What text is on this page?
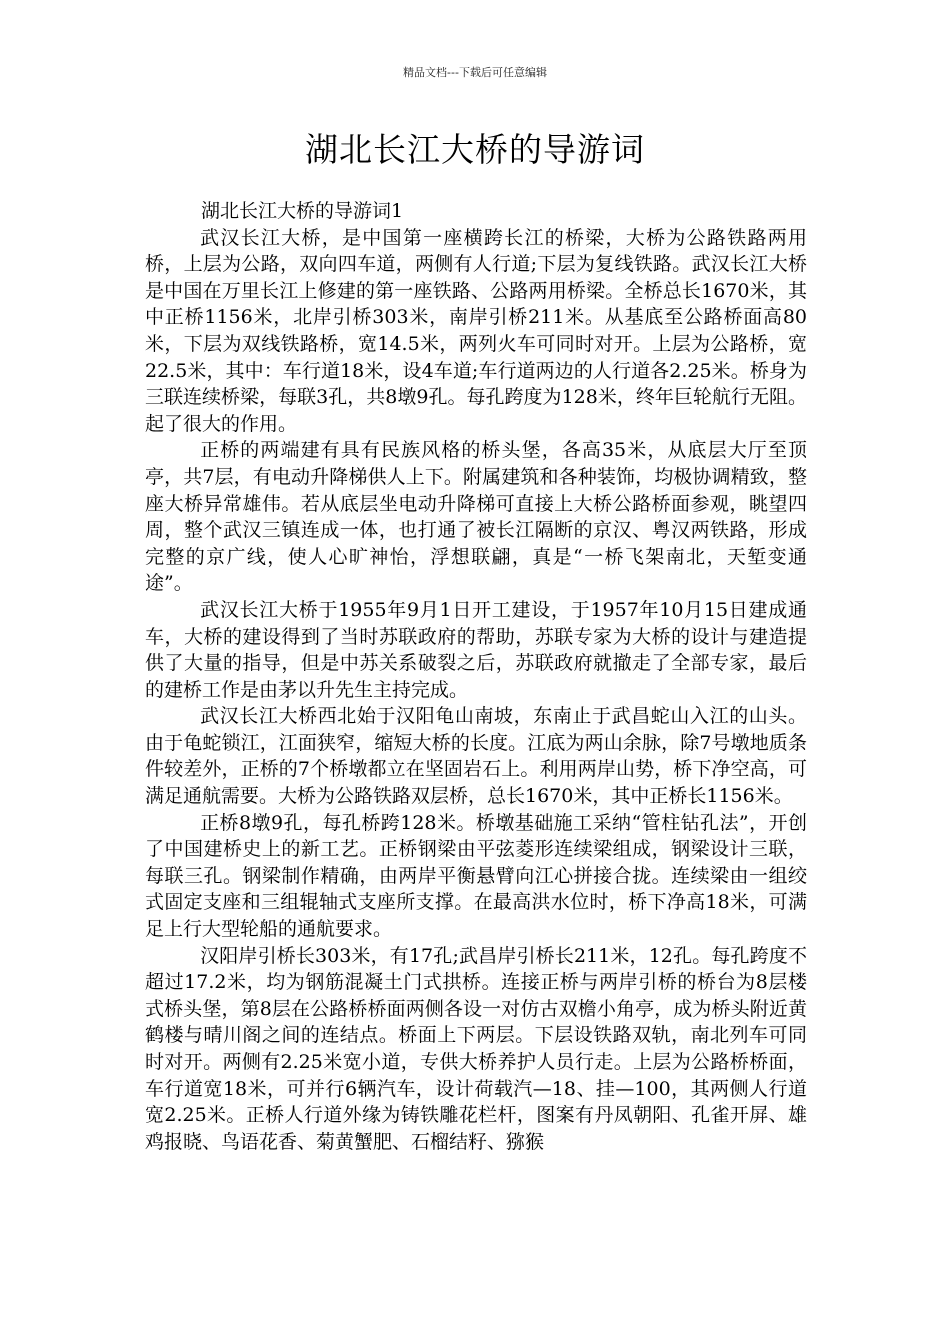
精品文档---下载后可任意编辑
湖北长江大桥的导游词

湖北长江大桥的导游词1

武汉长江大桥，是中国第一座横跨长江的桥梁，大桥为公路铁路两用桥，上层为公路，双向四车道，两侧有人行道;下层为复线铁路。武汉长江大桥是中国在万里长江上修建的第一座铁路、公路两用桥梁。全桥总长1670米，其中正桥1156米，北岸引桥303米，南岸引桥211米。从基底至公路桥面高80米，下层为双线铁路桥，宽14.5米，两列火车可同时对开。上层为公路桥，宽22.5米，其中：车行道18米，设4车道;车行道两边的人行道各2.25米。桥身为三联连续桥梁，每联3孔，共8墩9孔。每孔跨度为128米，终年巨轮航行无阻。起了很大的作用。

正桥的两端建有具有民族风格的桥头堡，各高35米，从底层大厅至顶亭，共7层，有电动升降梯供人上下。附属建筑和各种装饰，均极协调精致，整座大桥异常雄伟。若从底层坐电动升降梯可直接上大桥公路桥面参观，眺望四周，整个武汉三镇连成一体，也打通了被长江隔断的京汉、粤汉两铁路，形成完整的京广线，使人心旷神怡，浮想联翩，真是“一桥飞架南北，天堑变通途”。

武汉长江大桥于1955年9月1日开工建设，于1957年10月15日建成通车，大桥的建设得到了当时苏联政府的帮助，苏联专家为大桥的设计与建造提供了大量的指导，但是中苏关系破裂之后，苏联政府就撤走了全部专家，最后的建桥工作是由茅以升先生主持完成。

武汉长江大桥西北始于汉阳龟山南坡，东南止于武昌蛇山入江的山头。由于龟蛇锁江，江面狭窄，缩短大桥的长度。江底为两山余脉，除7号墩地质条件较差外，正桥的7个桥墩都立在坚固岩石上。利用两岸山势，桥下净空高，可满足通航需要。大桥为公路铁路双层桥，总长1670米，其中正桥长1156米。

正桥8墩9孔，每孔桥跨128米。桥墩基础施工采纳“管柱钻孔法”，开创了中国建桥史上的新工艺。正桥钢梁由平弦菱形连续梁组成，钢梁设计三联，每联三孔。钢梁制作精确，由两岸平衡悬臂向江心拼接合拢。连续梁由一组绞式固定支座和三组辊轴式支座所支撑。在最高洪水位时，桥下净高18米，可满足上行大型轮船的通航要求。

汉阳岸引桥长303米，有17孔;武昌岸引桥长211米，12孔。每孔跨度不超过17.2米，均为钢筋混凝土门式拱桥。连接正桥与两岸引桥的桥台为8层楼式桥头堡，第8层在公路桥桥面两侧各设一对仿古双檐小角亭，成为桥头附近黄鹤楼与晴川阁之间的连结点。桥面上下两层。下层设铁路双轨，南北列车可同时对开。两侧有2.25米宽小道，专供大桥养护人员行走。上层为公路桥桥面，车行道宽18米，可并行6辆汽车，设计荷载汽—18、挂—100，其两侧人行道宽2.25米。正桥人行道外缘为铸铁雕花栏杆，图案有丹凤朝阳、孔雀开屏、雄鸡报晓、鸟语花香、菊黄蟹肥、石榴结籽、猕猴
